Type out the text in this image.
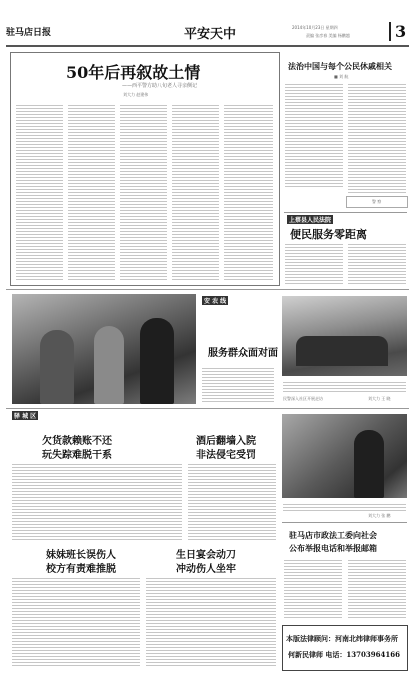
驻马店日报	平安天中	2014年10月23日 星期四
责编 张彦春 美编 杨鹏越	3
50年后再叙故土情
——西平警方助八旬老人寻亲侧记
刘大力 赵建伟
法治中国与每个公民休戚相关
■ 刘 航
警 察
上蔡县人民法院
便民服务零距离
安 农 线
服务群众面对面
民警深入社区开展走访	刘大力 王 晓
驿 城 区
欠货款赖账不还
玩失踪难脱干系
酒后翻墙入院
非法侵宅受罚
妹妹班长误伤人
校方有责难推脱
生日宴会动刀
冲动伤人坐牢
刘大力 张 鹏
驻马店市政法工委向社会
公布举报电话和举报邮箱
本版法律顾问：河南北纬律师事务所
何新民律师 电话：13703964166
